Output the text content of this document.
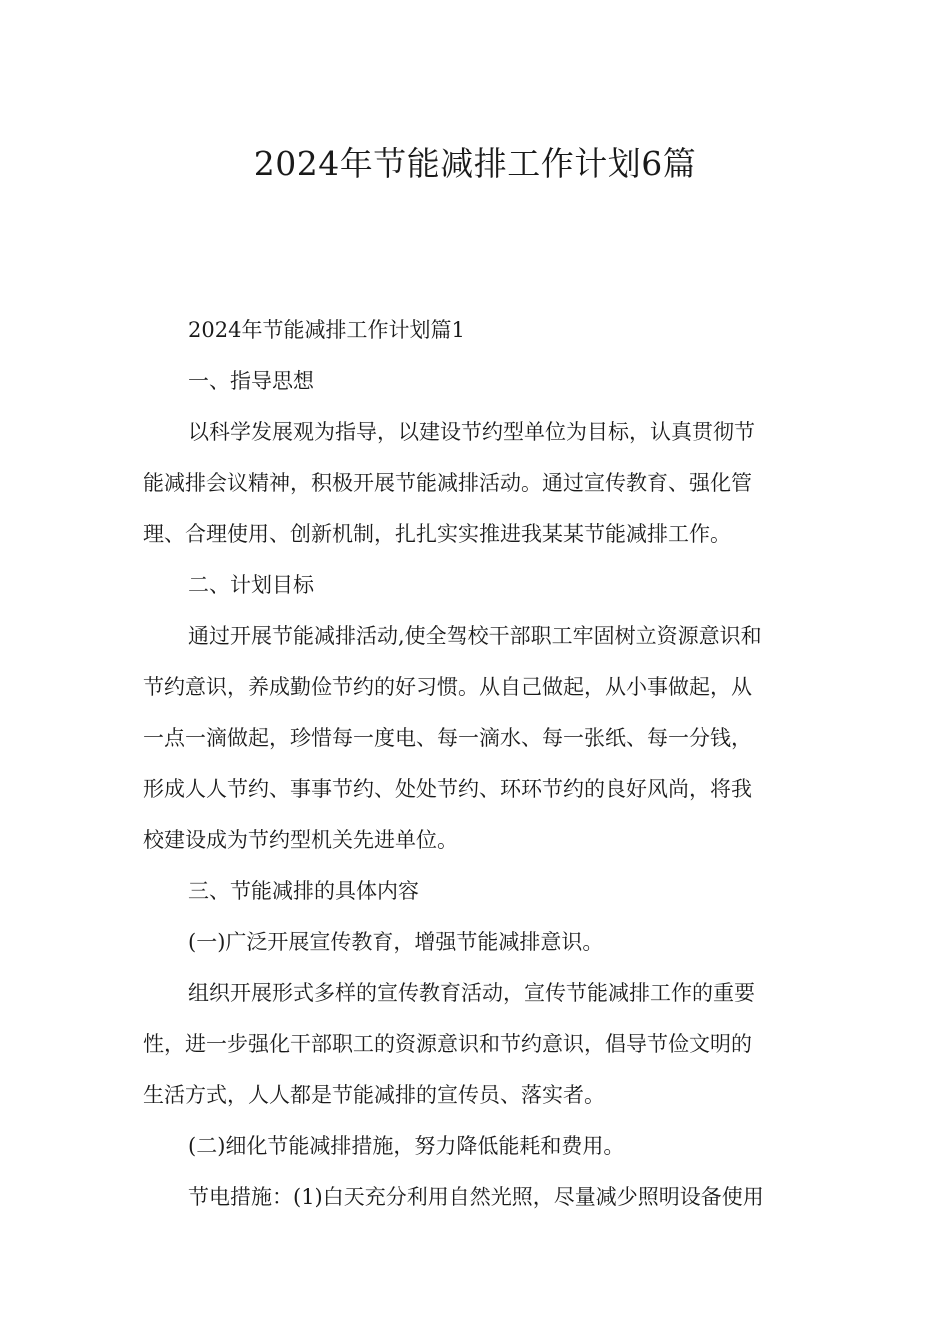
2024年节能减排工作计划6篇

2024年节能减排工作计划篇1

一、指导思想

以科学发展观为指导，以建设节约型单位为目标，认真贯彻节

能减排会议精神，积极开展节能减排活动。通过宣传教育、强化管

理、合理使用、创新机制，扎扎实实推进我某某节能减排工作。

二、计划目标

通过开展节能减排活动,使全驾校干部职工牢固树立资源意识和

节约意识，养成勤俭节约的好习惯。从自己做起，从小事做起，从

一点一滴做起，珍惜每一度电、每一滴水、每一张纸、每一分钱，

形成人人节约、事事节约、处处节约、环环节约的良好风尚，将我

校建设成为节约型机关先进单位。

三、节能减排的具体内容

(一)广泛开展宣传教育，增强节能减排意识。

组织开展形式多样的宣传教育活动，宣传节能减排工作的重要

性，进一步强化干部职工的资源意识和节约意识，倡导节俭文明的

生活方式，人人都是节能减排的宣传员、落实者。

(二)细化节能减排措施，努力降低能耗和费用。

节电措施：(1)白天充分利用自然光照，尽量减少照明设备使用
